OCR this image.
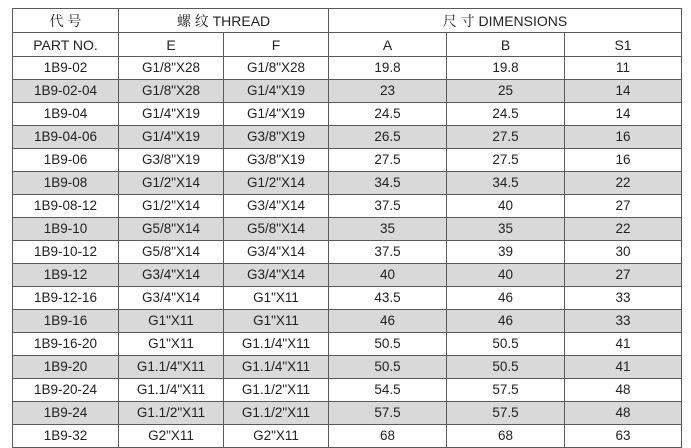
代 号	螺 纹 THREAD		尺 寸 DIMENSIONS		
PART NO.	E	F	A	B	S1
1B9-02	G1/8"X28	G1/8"X28	19.8	19.8	11
1B9-02-04	G1/8"X28	G1/4"X19	23	25	14
1B9-04	G1/4"X19	G1/4"X19	24.5	24.5	14
1B9-04-06	G1/4"X19	G3/8"X19	26.5	27.5	16
1B9-06	G3/8"X19	G3/8"X19	27.5	27.5	16
1B9-08	G1/2"X14	G1/2"X14	34.5	34.5	22
1B9-08-12	G1/2"X14	G3/4"X14	37.5	40	27
1B9-10	G5/8"X14	G5/8"X14	35	35	22
1B9-10-12	G5/8"X14	G3/4"X14	37.5	39	30
1B9-12	G3/4"X14	G3/4"X14	40	40	27
1B9-12-16	G3/4"X14	G1"X11	43.5	46	33
1B9-16	G1"X11	G1"X11	46	46	33
1B9-16-20	G1"X11	G1.1/4"X11	50.5	50.5	41
1B9-20	G1.1/4"X11	G1.1/4"X11	50.5	50.5	41
1B9-20-24	G1.1/4"X11	G1.1/2"X11	54.5	57.5	48
1B9-24	G1.1/2"X11	G1.1/2"X11	57.5	57.5	48
1B9-32	G2"X11	G2"X11	68	68	63
